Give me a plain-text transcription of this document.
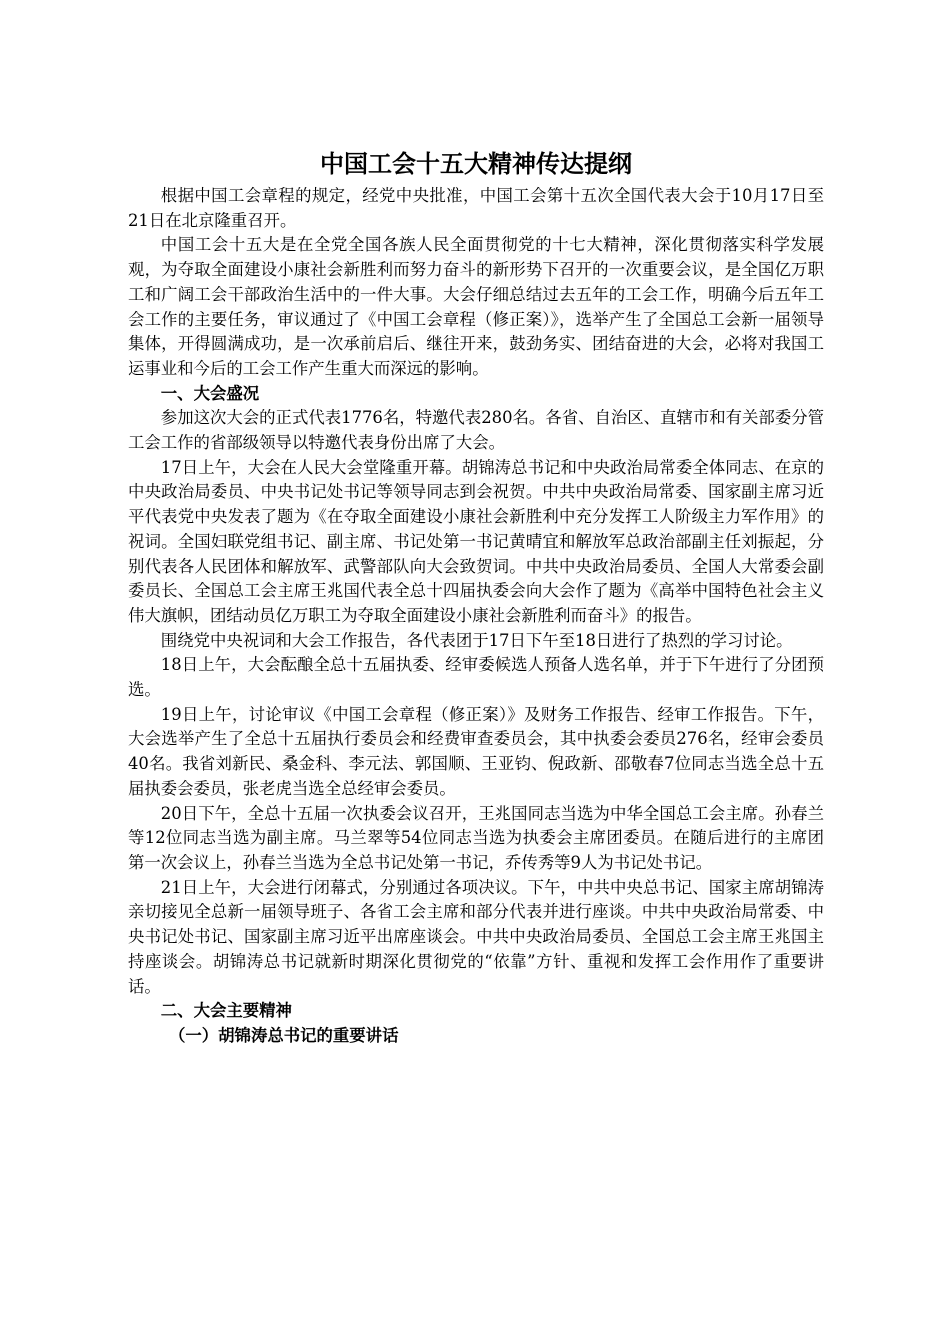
中国工会十五大精神传达提纲

根据中国工会章程的规定，经党中央批准，中国工会第十五次全国代表大会于10月17日至21日在北京隆重召开。

中国工会十五大是在全党全国各族人民全面贯彻党的十七大精神，深化贯彻落实科学发展观，为夺取全面建设小康社会新胜利而努力奋斗的新形势下召开的一次重要会议，是全国亿万职工和广阔工会干部政治生活中的一件大事。大会仔细总结过去五年的工会工作，明确今后五年工会工作的主要任务，审议通过了《中国工会章程（修正案）》，选举产生了全国总工会新一届领导集体，开得圆满成功，是一次承前启后、继往开来，鼓劲务实、团结奋进的大会，必将对我国工运事业和今后的工会工作产生重大而深远的影响。

一、大会盛况

参加这次大会的正式代表1776名，特邀代表280名。各省、自治区、直辖市和有关部委分管工会工作的省部级领导以特邀代表身份出席了大会。

17日上午，大会在人民大会堂隆重开幕。胡锦涛总书记和中央政治局常委全体同志、在京的中央政治局委员、中央书记处书记等领导同志到会祝贺。中共中央政治局常委、国家副主席习近平代表党中央发表了题为《在夺取全面建设小康社会新胜利中充分发挥工人阶级主力军作用》的祝词。全国妇联党组书记、副主席、书记处第一书记黄晴宜和解放军总政治部副主任刘振起，分别代表各人民团体和解放军、武警部队向大会致贺词。中共中央政治局委员、全国人大常委会副委员长、全国总工会主席王兆国代表全总十四届执委会向大会作了题为《高举中国特色社会主义伟大旗帜，团结动员亿万职工为夺取全面建设小康社会新胜利而奋斗》的报告。

围绕党中央祝词和大会工作报告，各代表团于17日下午至18日进行了热烈的学习讨论。

18日上午，大会酝酿全总十五届执委、经审委候选人预备人选名单，并于下午进行了分团预选。

19日上午，讨论审议《中国工会章程（修正案）》及财务工作报告、经审工作报告。下午，大会选举产生了全总十五届执行委员会和经费审查委员会，其中执委会委员276名，经审会委员40名。我省刘新民、桑金科、李元法、郭国顺、王亚钧、倪政新、邵敬春7位同志当选全总十五届执委会委员，张老虎当选全总经审会委员。

20日下午，全总十五届一次执委会议召开，王兆国同志当选为中华全国总工会主席。孙春兰等12位同志当选为副主席。马兰翠等54位同志当选为执委会主席团委员。在随后进行的主席团第一次会议上，孙春兰当选为全总书记处第一书记，乔传秀等9人为书记处书记。

21日上午，大会进行闭幕式，分别通过各项决议。下午，中共中央总书记、国家主席胡锦涛亲切接见全总新一届领导班子、各省工会主席和部分代表并进行座谈。中共中央政治局常委、中央书记处书记、国家副主席习近平出席座谈会。中共中央政治局委员、全国总工会主席王兆国主持座谈会。胡锦涛总书记就新时期深化贯彻党的“依靠”方针、重视和发挥工会作用作了重要讲话。

二、大会主要精神

（一）胡锦涛总书记的重要讲话
